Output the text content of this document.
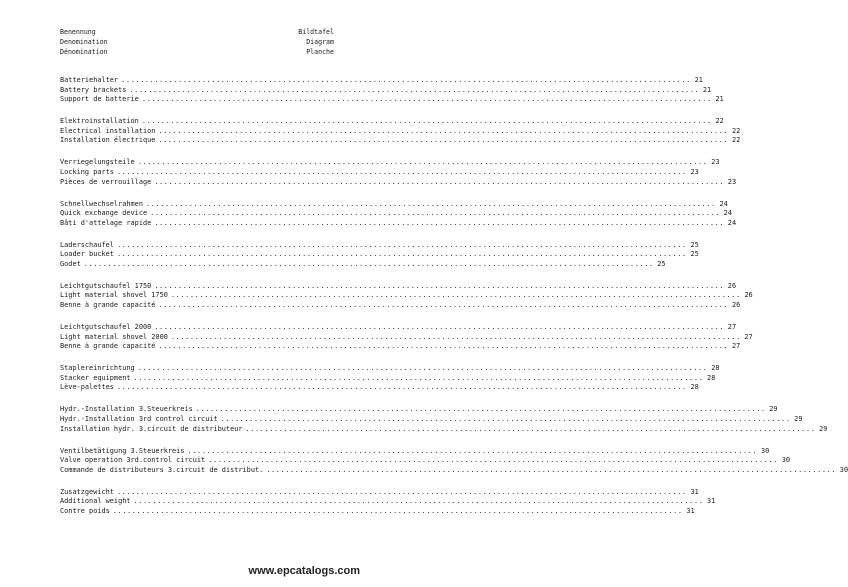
Benennung	Bildtafel
Denomination	Diagram
Dénomination	Planche
Batteriehalter ........................................................................................................................ 21
Battery brackets ........................................................................................................................ 21
Support de batterie ........................................................................................................................ 21
Elektroinstallation ........................................................................................................................ 22
Electrical installation ........................................................................................................................ 22
Installation électrique ........................................................................................................................ 22
Verriegelungsteile ........................................................................................................................ 23
Locking parts ........................................................................................................................ 23
Pièces de verrouillage ........................................................................................................................ 23
Schnellwechselrahmen ........................................................................................................................ 24
Quick exchange device ........................................................................................................................ 24
Bâti d'attelage rapide ........................................................................................................................ 24
Laderschaufel ........................................................................................................................ 25
Loader bucket ........................................................................................................................ 25
Godet ........................................................................................................................ 25
Leichtgutschaufel 1750 ........................................................................................................................ 26
Light material shovel 1750 ........................................................................................................................ 26
Benne à grande capacité ........................................................................................................................ 26
Leichtgutschaufel 2000 ........................................................................................................................ 27
Light material shovel 2000 ........................................................................................................................ 27
Benne à grande capacité ........................................................................................................................ 27
Staplereinrichtung ........................................................................................................................ 28
Stacker equipment ........................................................................................................................ 28
Lève-palettes ........................................................................................................................ 28
Hydr.-Installation 3.Steuerkreis ........................................................................................................................ 29
Hydr.-Installation 3rd control circuit ........................................................................................................................ 29
Installation hydr. 3.circuit de distributeur ........................................................................................................................ 29
Ventilbetätigung 3.Steuerkreis ........................................................................................................................ 30
Valve operation 3rd.control circuit ........................................................................................................................ 30
Commande de distributeurs 3.circuit de distribut. ........................................................................................................................ 30
Zusatzgewicht ........................................................................................................................ 31
Additional weight ........................................................................................................................ 31
Contre poids ........................................................................................................................ 31
www.epcatalogs.com
